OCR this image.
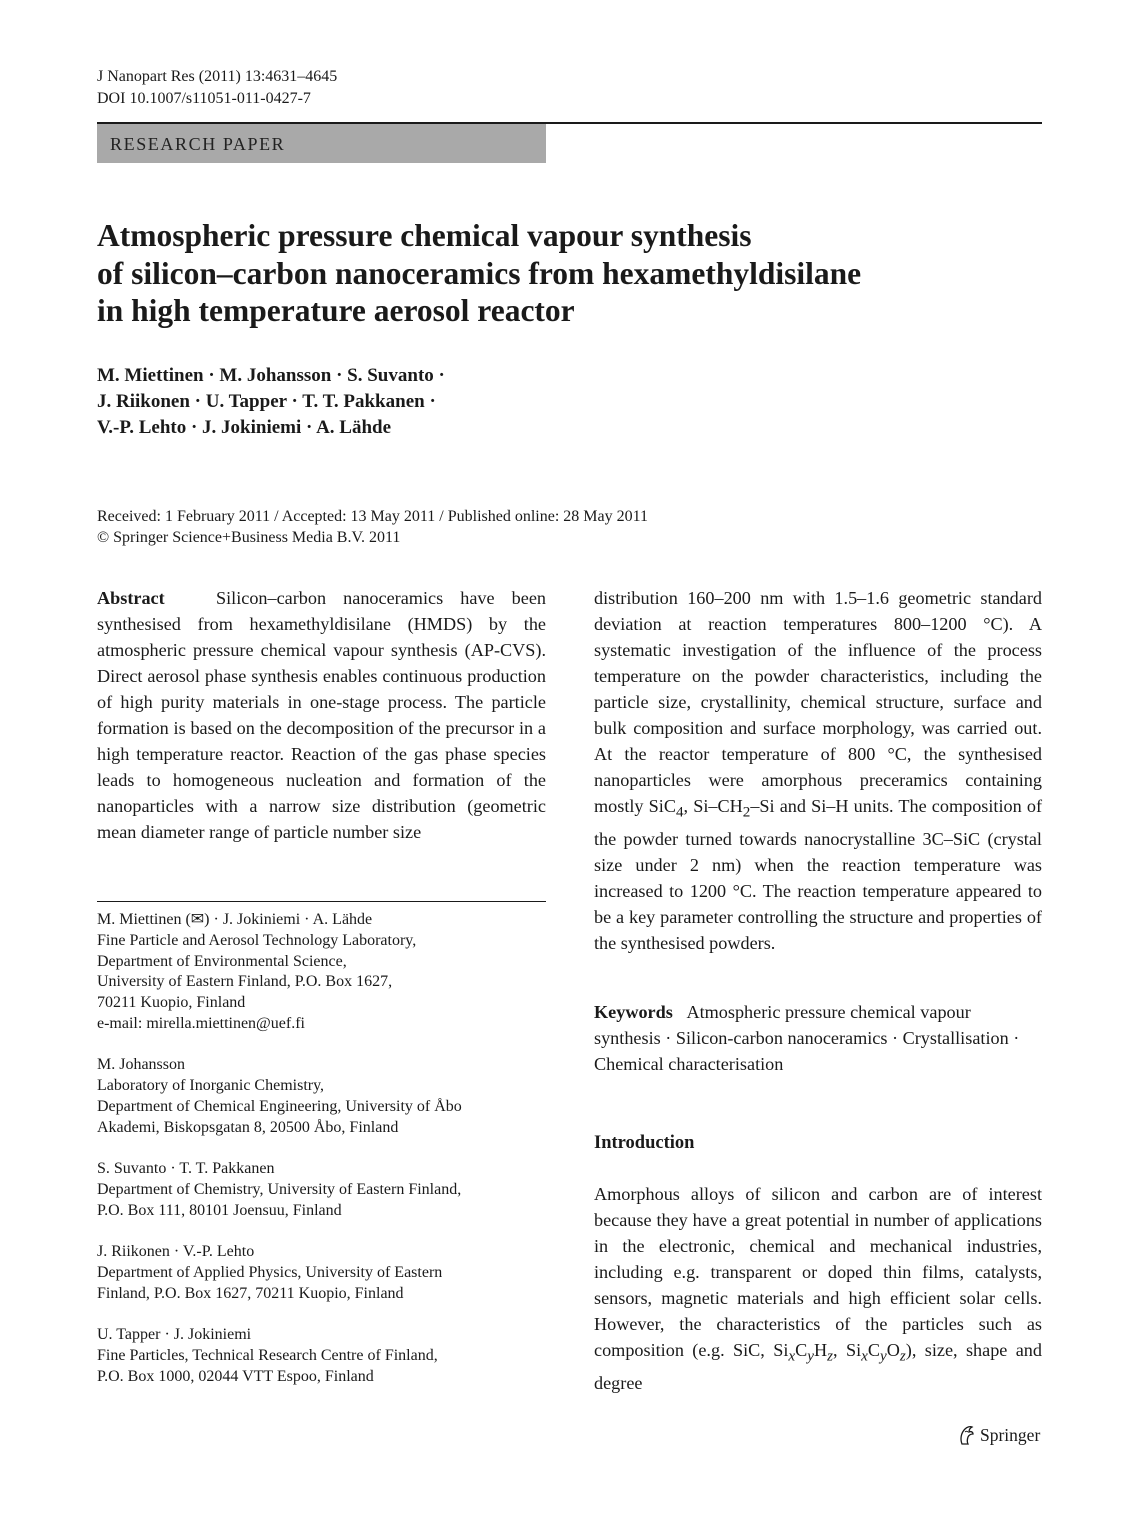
J Nanopart Res (2011) 13:4631–4645
DOI 10.1007/s11051-011-0427-7
RESEARCH PAPER
Atmospheric pressure chemical vapour synthesis
of silicon–carbon nanoceramics from hexamethyldisilane
in high temperature aerosol reactor
M. Miettinen · M. Johansson · S. Suvanto ·
J. Riikonen · U. Tapper · T. T. Pakkanen ·
V.-P. Lehto · J. Jokiniemi · A. Lähde
Received: 1 February 2011 / Accepted: 13 May 2011 / Published online: 28 May 2011
© Springer Science+Business Media B.V. 2011

Abstract	Silicon–carbon nanoceramics have been synthesised from hexamethyldisilane (HMDS) by the atmospheric pressure chemical vapour synthesis (AP-CVS). Direct aerosol phase synthesis enables continuous production of high purity materials in one-stage process. The particle formation is based on the decomposition of the precursor in a high temperature reactor. Reaction of the gas phase species leads to homogeneous nucleation and formation of the nanoparticles with a narrow size distribution (geometric mean diameter range of particle number size

distribution 160–200 nm with 1.5–1.6 geometric standard deviation at reaction temperatures 800–1200 °C). A systematic investigation of the influence of the process temperature on the powder characteristics, including the particle size, crystallinity, chemical structure, surface and bulk composition and surface morphology, was carried out. At the reactor temperature of 800 °C, the synthesised nanoparticles were amorphous preceramics containing mostly SiC$_4$, $Si-CH_2-Si$ and Si–H units. The composition of the powder turned towards nanocrystalline 3C–SiC (crystal size under 2 nm) when the reaction temperature was increased to 1200 °C. The reaction temperature appeared to be a key parameter controlling the structure and properties of the synthesised powders.

M. Miettinen (✉) · J. Jokiniemi · A. Lähde
Fine Particle and Aerosol Technology Laboratory,
Department of Environmental Science,
University of Eastern Finland, P.O. Box 1627,
70211 Kuopio, Finland
e-mail: mirella.miettinen@uef.fi
M. Johansson
Laboratory of Inorganic Chemistry,
Department of Chemical Engineering, University of Åbo
Akademi, Biskopsgatan 8, 20500 Åbo, Finland
S. Suvanto · T. T. Pakkanen
Department of Chemistry, University of Eastern Finland,
P.O. Box 111, 80101 Joensuu, Finland
J. Riikonen · V.-P. Lehto
Department of Applied Physics, University of Eastern
Finland, P.O. Box 1627, 70211 Kuopio, Finland
U. Tapper · J. Jokiniemi
Fine Particles, Technical Research Centre of Finland,
P.O. Box 1000, 02044 VTT Espoo, Finland
Keywords Atmospheric pressure chemical vapour synthesis · Silicon-carbon nanoceramics · Crystallisation · Chemical characterisation
Introduction

Amorphous alloys of silicon and carbon are of interest because they have a great potential in number of applications in the electronic, chemical and mechanical industries, including e.g. transparent or doped thin films, catalysts, sensors, magnetic materials and high efficient solar cells. However, the characteristics of the particles such as composition (e.g. SiC, $Si_xC_yH_z$, $Si_xC_yO_z$), size, shape and degree

Springer
